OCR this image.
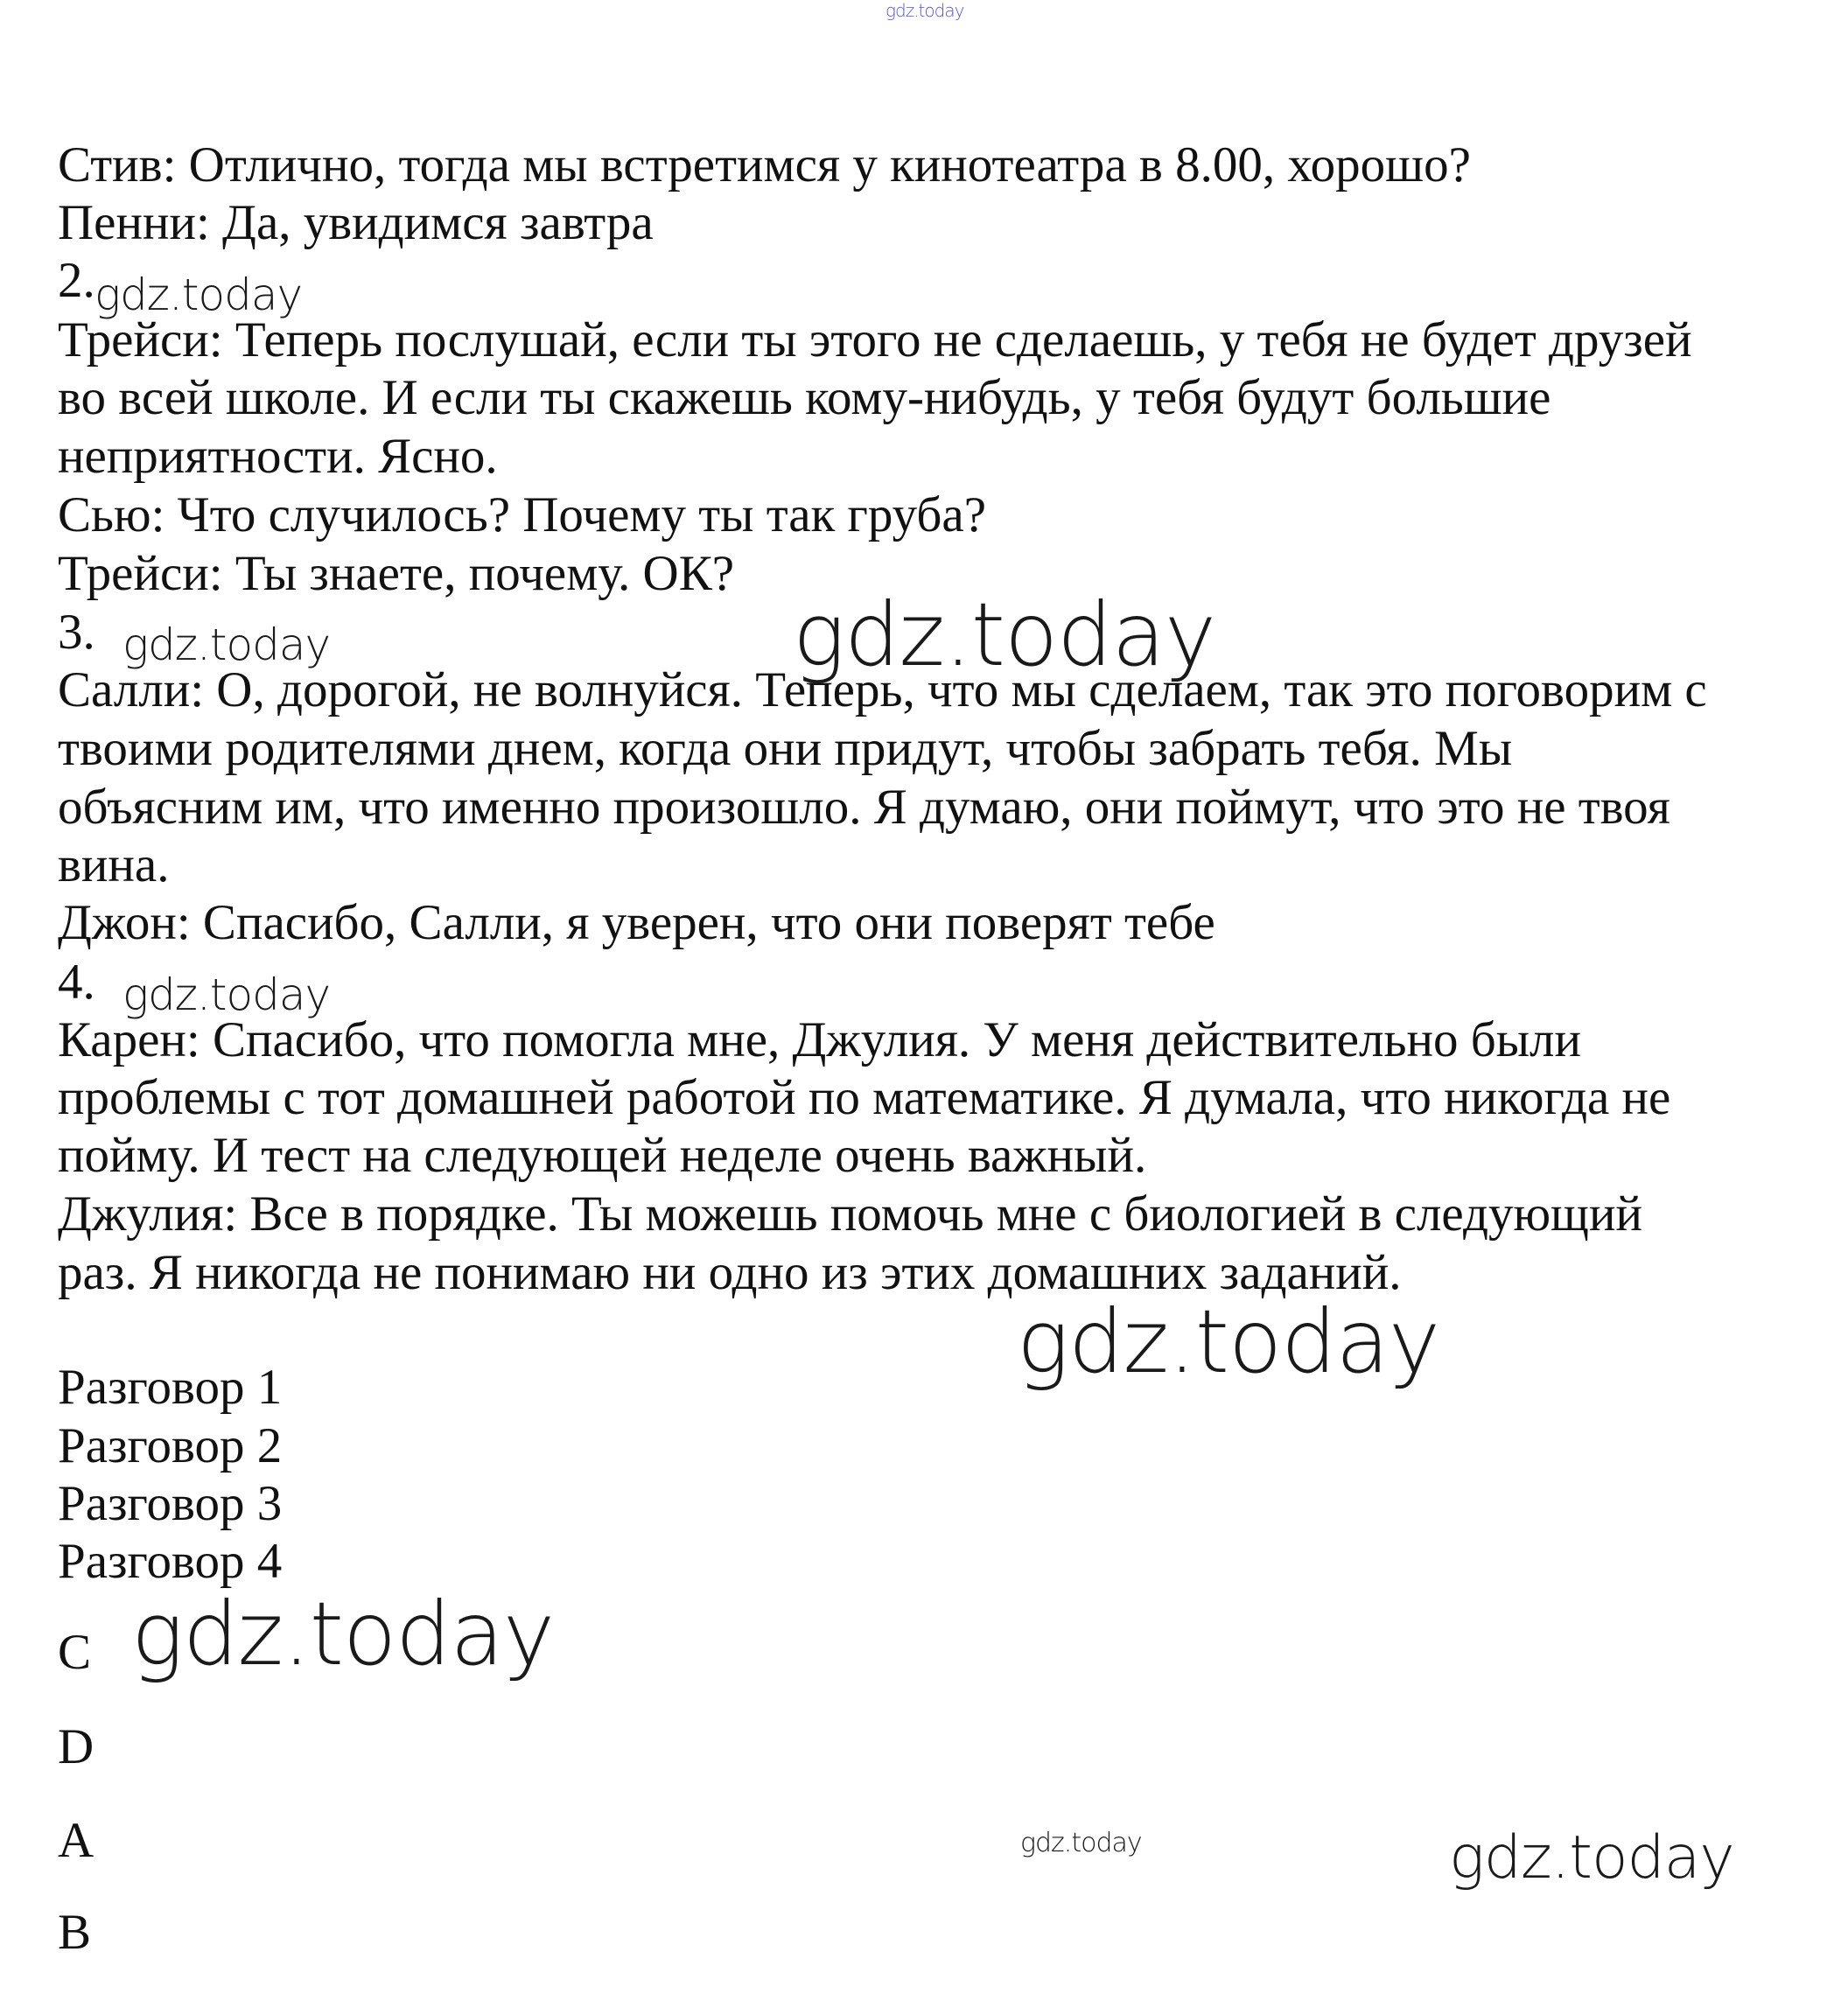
gdz.today
Стив: Отлично, тогда мы встретимся у кинотеатра в 8.00, хорошо?
Пенни: Да, увидимся завтра
2. gdz.today
Трейси: Теперь послушай, если ты этого не сделаешь, у тебя не будет друзей
во всей школе. И если ты скажешь кому-нибудь, у тебя будут большие
неприятности. Ясно.
Сью: Что случилось? Почему ты так груба?
Трейси: Ты знаете, почему. ОК?
3. gdz.today	gdz.today
Салли: О, дорогой, не волнуйся. Теперь, что мы сделаем, так это поговорим с
твоими родителями днем, когда они придут, чтобы забрать тебя. Мы
объясним им, что именно произошло. Я думаю, они поймут, что это не твоя
вина.
Джон: Спасибо, Салли, я уверен, что они поверят тебе
4. gdz.today
Карен: Спасибо, что помогла мне, Джулия. У меня действительно были
проблемы с тот домашней работой по математике. Я думала, что никогда не
пойму. И тест на следующей неделе очень важный.
Джулия: Все в порядке. Ты можешь помочь мне с биологией в следующий
раз. Я никогда не понимаю ни одно из этих домашних заданий.
gdz.today
Разговор 1
Разговор 2
Разговор 3
Разговор 4
C gdz.today
D
A	gdz.today	gdz.today
B
